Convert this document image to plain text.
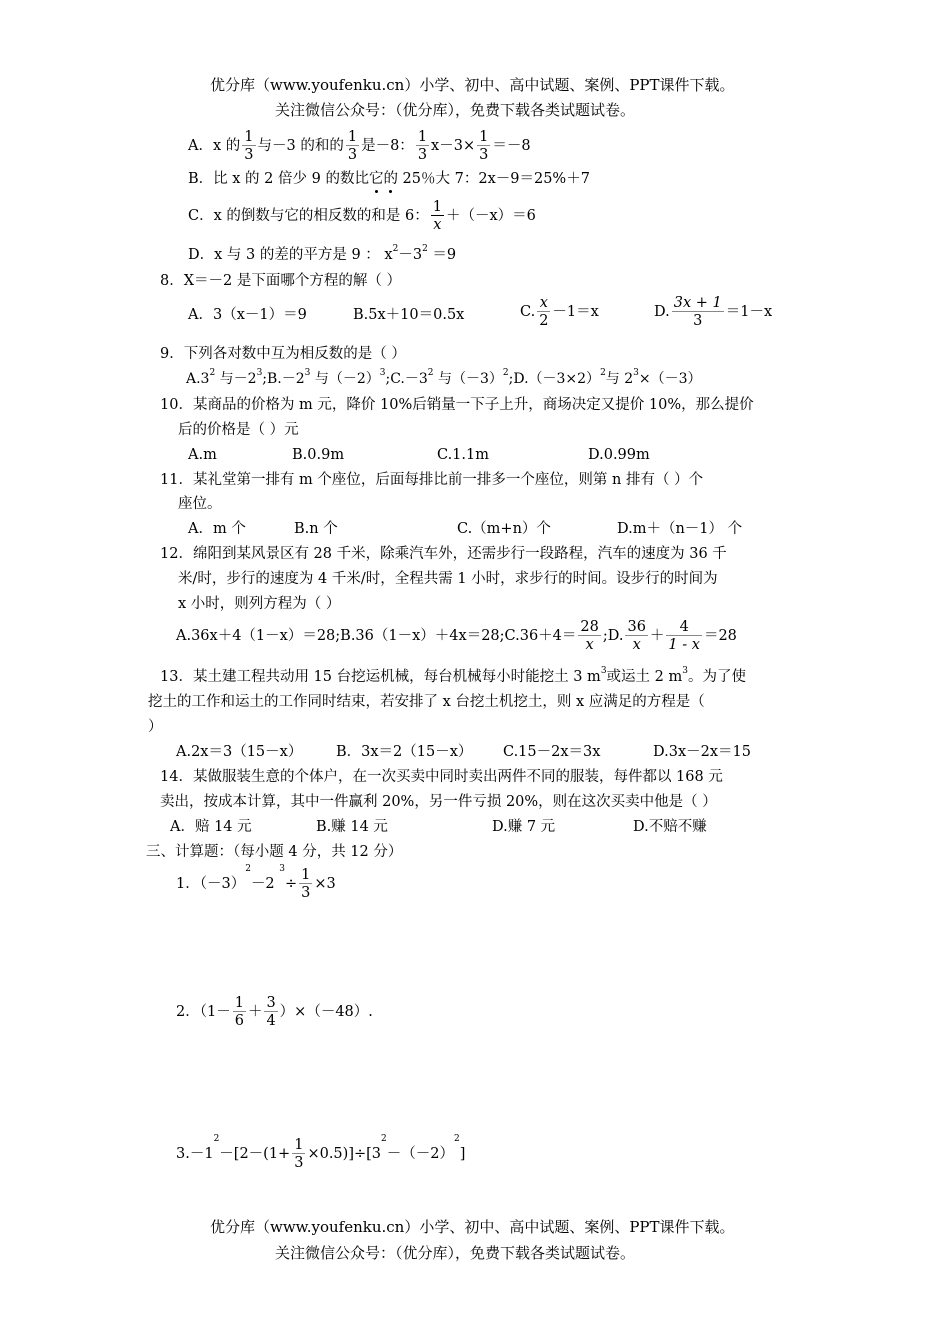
优分库（www.youfenku.cn）小学、初中、高中试题、案例、PPT课件下载。
关注微信公众号：（优分库），免费下载各类试题试卷。
A．x 的 $\frac{1}{3}$ 与－3 的和的 $\frac{1}{3}$ 是－8： $\frac{1}{3} x-3\times \frac{1}{3} =-8$
B．比 x 的 2 倍少 9 的数比它的 25％大 7：2x－9＝25%＋7
C．x 的倒数与它的相反数的和是 6： $\frac{1}{x} +(-x)=6$
D．x 与 3 的差的平方是 9 ： $x^2-3^2 =9$
8．X＝－2 是下面哪个方程的解（ ）
A．3（x－1）＝9	B.5x＋10＝0.5x	C. $\frac{x}{2} -1=x$	D. $\frac{3x + 1}{3} =1-x$
9．下列各对数中互为相反数的是（ ）
$A.3^2$ 与$-2^3;B.-2^3$ 与$(-2)^3;C.-3^2$ 与$(-3)^2;D.(-3\times 2)^2$与 $2^3\times(-3)$
10．某商品的价格为 m 元，降价 10%后销量一下子上升，商场决定又提价 10%，那么提价
后的价格是（ ）元
A.m	B.0.9m	C.1.1m	D.0.99m
11．某礼堂第一排有 m 个座位，后面每排比前一排多一个座位，则第 n 排有（ ）个
座位。
A．m 个	B.n 个	C.（m+n）个	D.m＋（n－1） 个
12．绵阳到某风景区有 28 千米，除乘汽车外，还需步行一段路程，汽车的速度为 36 千
米/时，步行的速度为 4 千米/时，全程共需 1 小时，求步行的时间。设步行的时间为
x 小时，则列方程为（ ）
A.36x＋4（1－x）＝28;B.36（1－x）＋4x＝28;C.36＋4＝ $\frac{28}{x}$ ;D. $\frac{36}{x} + \frac{4}{1 - x} =28$
13．某土建工程共动用 15 台挖运机械，每台机械每小时能挖土 3 $m^3$或运土 2 $m^3$。为了使
挖土的工作和运土的工作同时结束，若安排了 x 台挖土机挖土，则 x 应满足的方程是（
）
A.2x＝3（15－x） B．3x＝2（15－x） C.15－2x＝3x	D.3x－2x＝15
14．某做服装生意的个体户，在一次买卖中同时卖出两件不同的服装，每件都以 168 元
卖出，按成本计算，其中一件赢利 20%，另一件亏损 20%，则在这次买卖中他是（ ）
A．赔 14 元	B.赚 14 元	D.赚 7 元	D.不赔不赚
三、计算题：（每小题 4 分，共 12 分）
1．$(-3)^2-2$ $^3\div \frac{1}{3} \times 3$
2．$(1- \frac{1}{6} + \frac{3}{4} )\times(-48)$.
$3.-1^2-[2-(1+ \frac{1}{3} \times 0.5)]\div[3^2-(-2)^2]$
优分库（www.youfenku.cn）小学、初中、高中试题、案例、PPT课件下载。
关注微信公众号：（优分库），免费下载各类试题试卷。
